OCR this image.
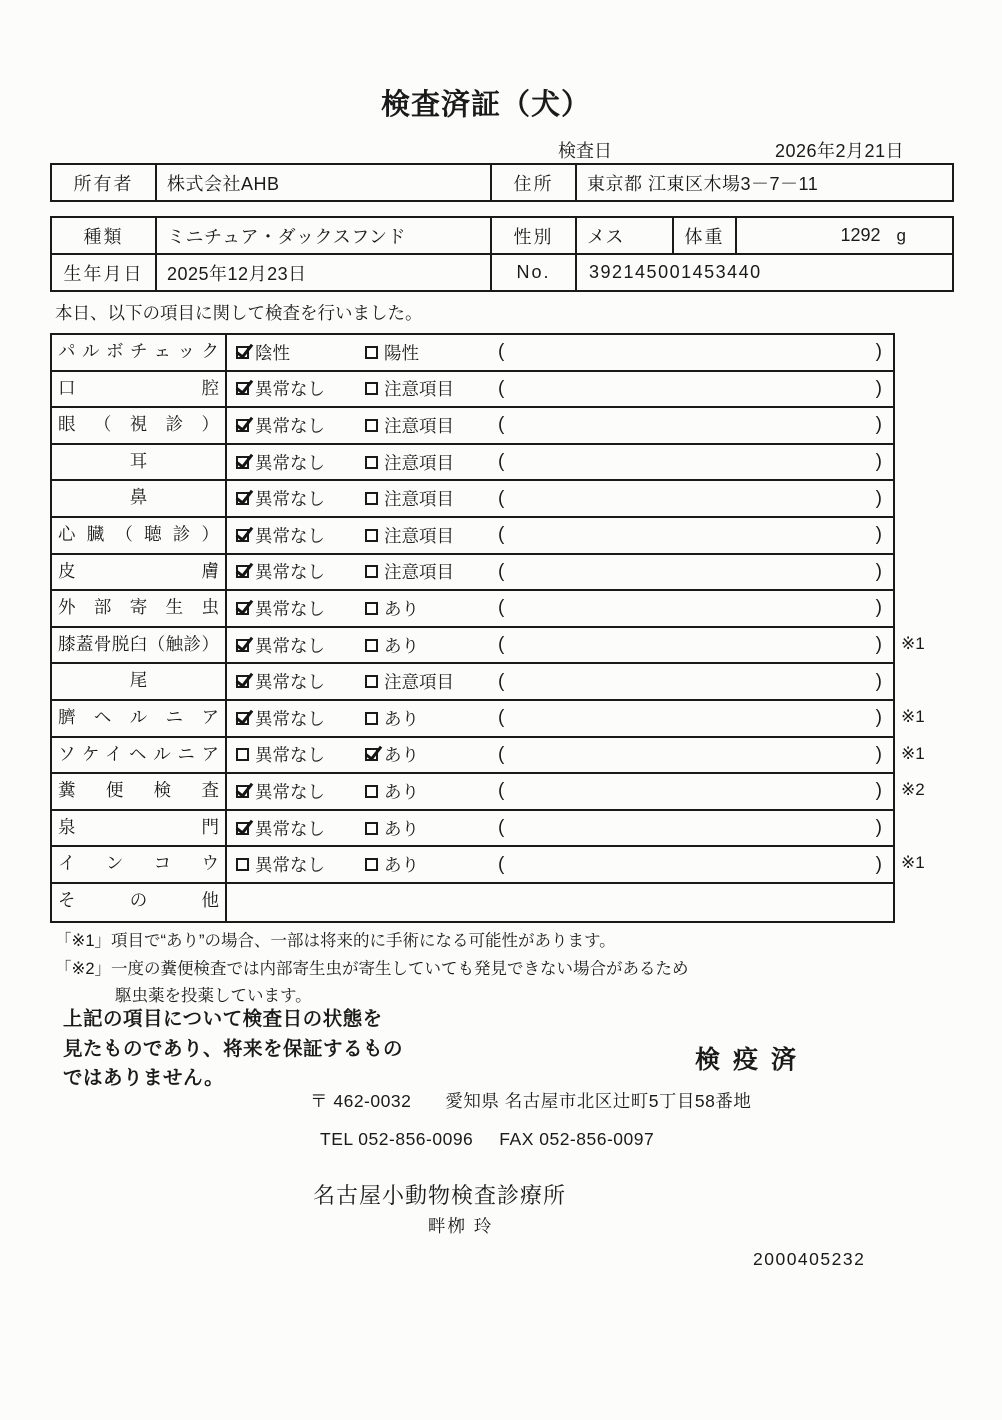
検査済証（犬）
検査日	2026年2月21日
所有者	株式会社AHB	住所	東京都 江東区木場3－7－11
種類	ミニチュア・ダックスフンド	性別	メス	体重	1292 g
生年月日	2025年12月23日	No.	392145001453440		

本日、以下の項目に関して検査を行いました。

パルボチェック	陰性	陽性	(	)
口腔	異常なし	注意項目 (	)
眼（視診）	異常なし	注意項目 (	)
耳	異常なし	注意項目 (	)
鼻	異常なし	注意項目 (	)
心臓（聴診）	異常なし	注意項目 (	)
皮膚	異常なし	注意項目 (	)
外部寄生虫	異常なし	あり	(	)
膝蓋骨脱臼（触診）	異常なし	あり	(	) ※1
尾	異常なし	注意項目 (	)
臍ヘルニア	異常なし	あり	(	) ※1
ソケイヘルニア	異常なし	あり	(	) ※1
糞便検査	異常なし	あり	(	) ※2
泉門	異常なし	あり	(	)
インコウ	異常なし	あり	(	) ※1
その他
「※1」項目で“あり”の場合、一部は将来的に手術になる可能性があります。
「※2」一度の糞便検査では内部寄生虫が寄生していても発見できない場合があるため
駆虫薬を投薬しています。
上記の項目について検査日の状態を
見たものであり、将来を保証するもの
ではありません。
検疫済
〒 462-0032 愛知県 名古屋市北区辻町5丁目58番地
TEL 052-856-0096 FAX 052-856-0097
名古屋小動物検査診療所
畔栁 玲
2000405232
